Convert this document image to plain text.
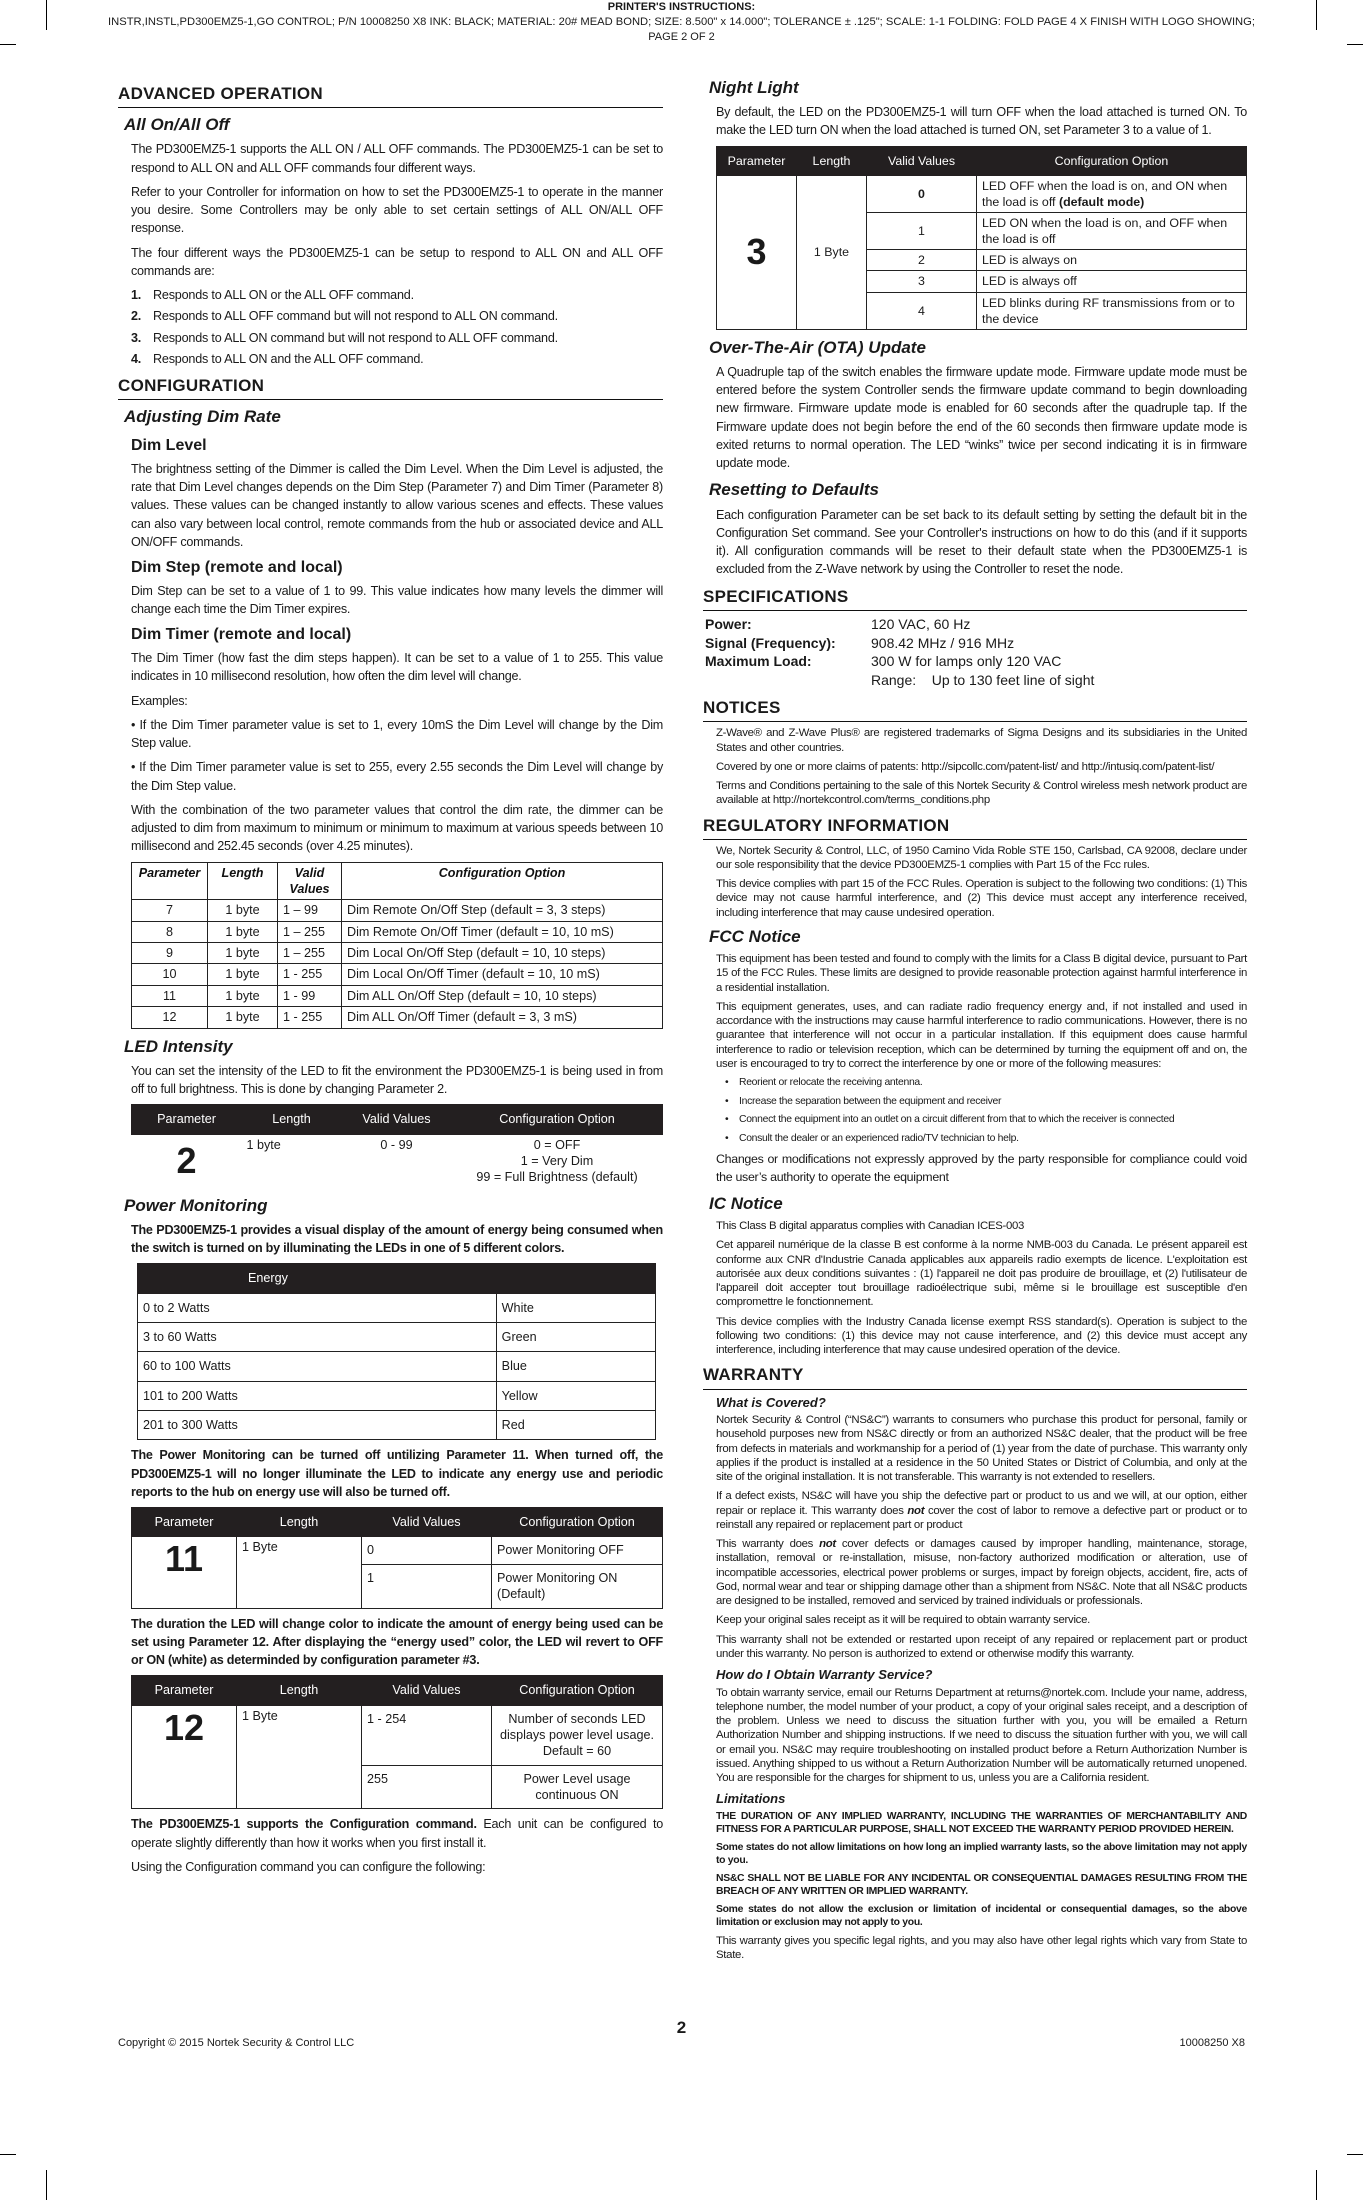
PRINTER'S INSTRUCTIONS:
INSTR,INSTL,PD300EMZ5-1,GO CONTROL; P/N 10008250 X8 INK: BLACK; MATERIAL: 20# MEAD BOND; SIZE: 8.500" x 14.000"; TOLERANCE ± .125"; SCALE: 1-1 FOLDING: FOLD PAGE 4 X FINISH WITH LOGO SHOWING;
PAGE 2 OF 2
ADVANCED OPERATION
All On/All Off

The PD300EMZ5-1 supports the ALL ON / ALL OFF commands. The PD300EMZ5-1 can be set to respond to ALL ON and ALL OFF commands four different ways.

Refer to your Controller for information on how to set the PD300EMZ5-1 to operate in the manner you desire. Some Controllers may be only able to set certain settings of ALL ON/ALL OFF response.

The four different ways the PD300EMZ5-1 can be setup to respond to ALL ON and ALL OFF commands are:

1. Responds to ALL ON or the ALL OFF command.
2. Responds to ALL OFF command but will not respond to ALL ON command.
3. Responds to ALL ON command but will not respond to ALL OFF command.
4. Responds to ALL ON and the ALL OFF command.
CONFIGURATION
Adjusting Dim Rate
Dim Level

The brightness setting of the Dimmer is called the Dim Level. When the Dim Level is adjusted, the rate that Dim Level changes depends on the Dim Step (Parameter 7) and Dim Timer (Parameter 8) values. These values can be changed instantly to allow various scenes and effects. These values can also vary between local control, remote commands from the hub or associated device and ALL ON/OFF commands.

Dim Step (remote and local)

Dim Step can be set to a value of 1 to 99. This value indicates how many levels the dimmer will change each time the Dim Timer expires.

Dim Timer (remote and local)

The Dim Timer (how fast the dim steps happen). It can be set to a value of 1 to 255. This value indicates in 10 millisecond resolution, how often the dim level will change.

Examples:

• If the Dim Timer parameter value is set to 1, every 10mS the Dim Level will change by the Dim Step value.

• If the Dim Timer parameter value is set to 255, every 2.55 seconds the Dim Level will change by the Dim Step value.

With the combination of the two parameter values that control the dim rate, the dimmer can be adjusted to dim from maximum to minimum or minimum to maximum at various speeds between 10 millisecond and 252.45 seconds (over 4.25 minutes).

Parameter	Length	Valid Values	Configuration Option
7	1 byte	1 – 99	Dim Remote On/Off Step (default = 3, 3 steps)
8	1 byte	1 – 255	Dim Remote On/Off Timer (default = 10, 10 mS)
9	1 byte	1 – 255	Dim Local On/Off Step (default = 10, 10 steps)
10	1 byte	1 - 255	Dim Local On/Off Timer (default = 10, 10 mS)
11	1 byte	1 - 99	Dim ALL On/Off Step (default = 10, 10 steps)
12	1 byte	1 - 255	Dim ALL On/Off Timer (default = 3, 3 mS)
LED Intensity

You can set the intensity of the LED to fit the environment the PD300EMZ5-1 is being used in from off to full brightness. This is done by changing Parameter 2.

Parameter	Length	Valid Values	Configuration Option
2	1 byte	0 - 99	0 = OFF
1 = Very Dim
99 = Full Brightness (default)
Power Monitoring

The PD300EMZ5-1 provides a visual display of the amount of energy being consumed when the switch is turned on by illuminating the LEDs in one of 5 different colors.

Energy	
0 to 2 Watts	White
3 to 60 Watts	Green
60 to 100 Watts	Blue
101 to 200 Watts	Yellow
201 to 300 Watts	Red

The Power Monitoring can be turned off untilizing Parameter 11. When turned off, the PD300EMZ5-1 will no longer illuminate the LED to indicate any energy use and periodic reports to the hub on energy use will also be turned off.

Parameter	Length	Valid Values	Configuration Option
11	1 Byte	0	Power Monitoring OFF
		1	Power Monitoring ON (Default)

The duration the LED will change color to indicate the amount of energy being used can be set using Parameter 12. After displaying the “energy used” color, the LED wil revert to OFF or ON (white) as determinded by configuration parameter #3.

Parameter	Length	Valid Values	Configuration Option
12	1 Byte	1 - 254	Number of seconds LED displays power level usage. Default = 60
		255	Power Level usage continuous ON

The PD300EMZ5-1 supports the Configuration command. Each unit can be configured to operate slightly differently than how it works when you first install it.

Using the Configuration command you can configure the following:

Night Light

By default, the LED on the PD300EMZ5-1 will turn OFF when the load attached is turned ON. To make the LED turn ON when the load attached is turned ON, set Parameter 3 to a value of 1.

Parameter	Length	Valid Values	Configuration Option
3	1 Byte	0	LED OFF when the load is on, and ON when the load is off (default mode)
		1	LED ON when the load is on, and OFF when the load is off
		2	LED is always on
		3	LED is always off
		4	LED blinks during RF transmissions from or to the device
Over-The-Air (OTA) Update

A Quadruple tap of the switch enables the firmware update mode. Firmware update mode must be entered before the system Controller sends the firmware update command to begin downloading new firmware. Firmware update mode is enabled for 60 seconds after the quadruple tap. If the Firmware update does not begin before the end of the 60 seconds then firmware update mode is exited returns to normal operation. The LED “winks” twice per second indicating it is in firmware update mode.

Resetting to Defaults

Each configuration Parameter can be set back to its default setting by setting the default bit in the Configuration Set command. See your Controller's instructions on how to do this (and if it supports it). All configuration commands will be reset to their default state when the PD300EMZ5-1 is excluded from the Z-Wave network by using the Controller to reset the node.

SPECIFICATIONS
Power:	120 VAC, 60 Hz
Signal (Frequency):	908.42 MHz / 916 MHz
Maximum Load:	300 W for lamps only 120 VAC
Range:    Up to 130 feet line of sight
NOTICES

Z-Wave® and Z-Wave Plus® are registered trademarks of Sigma Designs and its subsidiaries in the United States and other countries.

Covered by one or more claims of patents: http://sipcollc.com/patent-list/ and http://intusiq.com/patent-list/

Terms and Conditions pertaining to the sale of this Nortek Security & Control wireless mesh network product are available at http://nortekcontrol.com/terms_conditions.php

REGULATORY INFORMATION

We, Nortek Security & Control, LLC, of 1950 Camino Vida Roble STE 150, Carlsbad, CA 92008, declare under our sole responsibility that the device PD300EMZ5-1 complies with Part 15 of the Fcc rules.

This device complies with part 15 of the FCC Rules. Operation is subject to the following two conditions: (1) This device may not cause harmful interference, and (2) This device must accept any interference received, including interference that may cause undesired operation.

FCC Notice

This equipment has been tested and found to comply with the limits for a Class B digital device, pursuant to Part 15 of the FCC Rules. These limits are designed to provide reasonable protection against harmful interference in a residential installation.

This equipment generates, uses, and can radiate radio frequency energy and, if not installed and used in accordance with the instructions may cause harmful interference to radio communications. However, there is no guarantee that interference will not occur in a particular installation. If this equipment does cause harmful interference to radio or television reception, which can be determined by turning the equipment off and on, the user is encouraged to try to correct the interference by one or more of the following measures:

• Reorient or relocate the receiving antenna.
• Increase the separation between the equipment and receiver
• Connect the equipment into an outlet on a circuit different from that to which the receiver is connected
• Consult the dealer or an experienced radio/TV technician to help.

Changes or modifications not expressly approved by the party responsible for compliance could void the user’s authority to operate the equipment

IC Notice

This Class B digital apparatus complies with Canadian ICES-003

Cet appareil numérique de la classe B est conforme à la norme NMB-003 du Canada. Le présent appareil est conforme aux CNR d'Industrie Canada applicables aux appareils radio exempts de licence. L'exploitation est autorisée aux deux conditions suivantes : (1) l'appareil ne doit pas produire de brouillage, et (2) l'utilisateur de l'appareil doit accepter tout brouillage radioélectrique subi, même si le brouillage est susceptible d'en compromettre le fonctionnement.

This device complies with the Industry Canada license exempt RSS standard(s). Operation is subject to the following two conditions: (1) this device may not cause interference, and (2) this device must accept any interference, including interference that may cause undesired operation of the device.

WARRANTY
What is Covered?

Nortek Security & Control (“NS&C”) warrants to consumers who purchase this product for personal, family or household purposes new from NS&C directly or from an authorized NS&C dealer, that the product will be free from defects in materials and workmanship for a period of (1) year from the date of purchase. This warranty only applies if the product is installed at a residence in the 50 United States or District of Columbia, and only at the site of the original installation. It is not transferable. This warranty is not extended to resellers.

If a defect exists, NS&C will have you ship the defective part or product to us and we will, at our option, either repair or replace it. This warranty does not cover the cost of labor to remove a defective part or product or to reinstall any repaired or replacement part or product

This warranty does not cover defects or damages caused by improper handling, maintenance, storage, installation, removal or re-installation, misuse, non-factory authorized modification or alteration, use of incompatible accessories, electrical power problems or surges, impact by foreign objects, accident, fire, acts of God, normal wear and tear or shipping damage other than a shipment from NS&C. Note that all NS&C products are designed to be installed, removed and serviced by trained individuals or professionals.

Keep your original sales receipt as it will be required to obtain warranty service.

This warranty shall not be extended or restarted upon receipt of any repaired or replacement part or product under this warranty. No person is authorized to extend or otherwise modify this warranty.

How do I Obtain Warranty Service?

To obtain warranty service, email our Returns Department at returns@nortek.com. Include your name, address, telephone number, the model number of your product, a copy of your original sales receipt, and a description of the problem. Unless we need to discuss the situation further with you, you will be emailed a Return Authorization Number and shipping instructions. If we need to discuss the situation further with you, we will call or email you. NS&C may require troubleshooting on installed product before a Return Authorization Number is issued. Anything shipped to us without a Return Authorization Number will be automatically returned unopened. You are responsible for the charges for shipment to us, unless you are a California resident.

Limitations

THE DURATION OF ANY IMPLIED WARRANTY, INCLUDING THE WARRANTIES OF MERCHANTABILITY AND FITNESS FOR A PARTICULAR PURPOSE, SHALL NOT EXCEED THE WARRANTY PERIOD PROVIDED HEREIN.

Some states do not allow limitations on how long an implied warranty lasts, so the above limitation may not apply to you.

NS&C SHALL NOT BE LIABLE FOR ANY INCIDENTAL OR CONSEQUENTIAL DAMAGES RESULTING FROM THE BREACH OF ANY WRITTEN OR IMPLIED WARRANTY.

Some states do not allow the exclusion or limitation of incidental or consequential damages, so the above limitation or exclusion may not apply to you.

This warranty gives you specific legal rights, and you may also have other legal rights which vary from State to State.

2
Copyright © 2015 Nortek Security & Control LLC	10008250 X8
